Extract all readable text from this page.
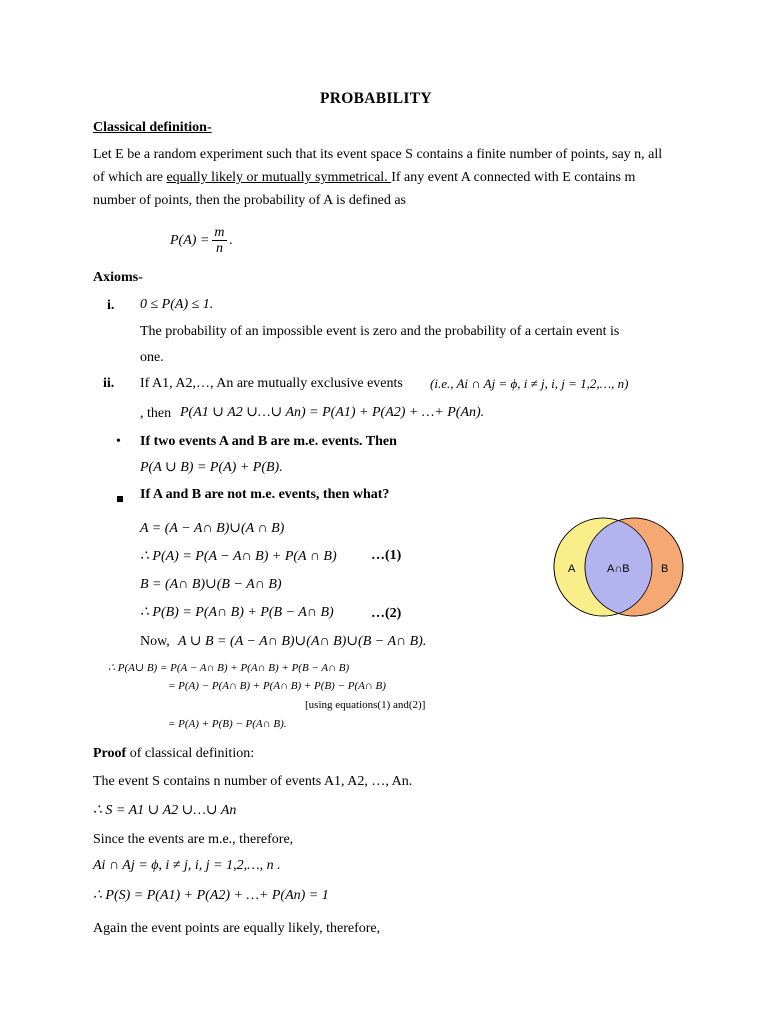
PROBABILITY
Classical definition-
Let E be a random experiment such that its event space S contains a finite number of points, say n, all
of which are equally likely or mutually symmetrical. If any event A connected with E contains m
number of points, then the probability of A is defined as
$P(A) = \frac{m}{n}$ .
Axioms-
i. 0 ≤ P(A) ≤ 1.
The probability of an impossible event is zero and the probability of a certain event is
one.
ii. If A1, A2,…, An are mutually exclusive events (i.e., Ai ∩ Aj = ϕ, i ≠ j, i, j = 1,2,…, n)
, then P(A1 ∪ A2 ∪…∪ An) = P(A1) + P(A2) + …+ P(An).
• If two events A and B are m.e. events. Then
P(A ∪ B) = P(A) + P(B).
If A and B are not m.e. events, then what?
A = (A − A∩ B)∪(A ∩ B)
∴ P(A) = P(A − A∩ B) + P(A ∩ B) …(1)
B = (A∩ B)∪(B − A∩ B)
∴ P(B) = P(A∩ B) + P(B − A∩ B)	…(2)
Now, A ∪ B = (A − A∩ B)∪(A∩ B)∪(B − A∩ B).
∴ P(A∪ B) = P(A − A∩ B) + P(A∩ B) + P(B − A∩ B)
= P(A) − P(A∩ B) + P(A∩ B) + P(B) − P(A∩ B)
[using equations(1) and(2)]
= P(A) + P(B) − P(A∩ B).
A	A∩B	B
Proof of classical definition:
The event S contains n number of events A1, A2, …, An.
∴ S = A1 ∪ A2 ∪…∪ An
Since the events are m.e., therefore,
Ai ∩ Aj = ϕ, i ≠ j, i, j = 1,2,…, n .
∴ P(S) = P(A1) + P(A2) + …+ P(An) = 1
Again the event points are equally likely, therefore,
